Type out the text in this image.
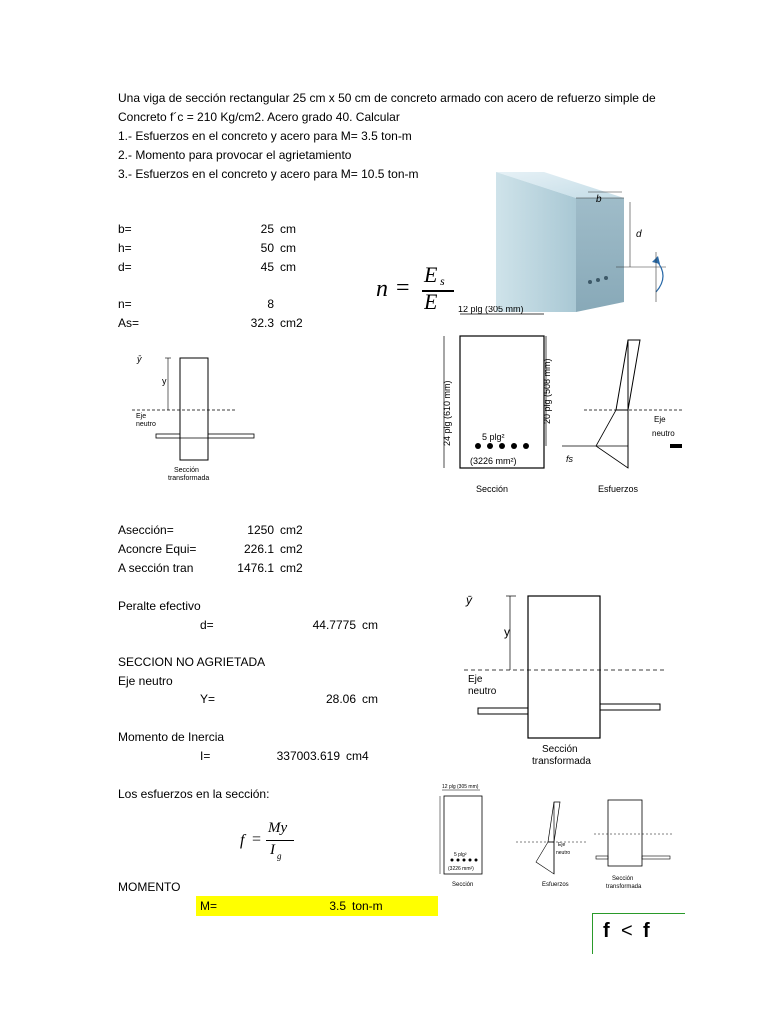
Una viga de sección rectangular 25 cm x 50 cm de concreto armado con acero de refuerzo simple de
Concreto f´c = 210 Kg/cm2. Acero grado 40. Calcular
1.- Esfuerzos en el concreto y acero para M= 3.5 ton-m
2.- Momento para provocar el agrietamiento
3.- Esfuerzos en el concreto y acero para M= 10.5 ton-m
b=	25 cm
h=	50 cm
d=	45 cm
n=	8
As=	32.3 cm2
n =
E s
E
b
d
ȳ
y
Eje
neutro
Sección
transformada
12 plg (305 mm)
24 plg (610 mm)	20 plg (508 mm)
5 plg²
(3226 mm²)
Sección
fs
Eje
neutro
Esfuerzos
Asección=	1250 cm2
Aconcre Equi=	226.1 cm2
A sección tran	1476.1 cm2
Peralte efectivo
d=	44.7775 cm
SECCION NO AGRIETADA
Eje neutro
Y=	28.06 cm
ȳ
y
Eje
neutro
Sección
transformada
Momento de Inercia
I=	337003.619 cm4
Los esfuerzos en la sección:
f =
My
I g
12 plg (305 mm)
5 plg²
(3226 mm²)
Sección	Esfuerzos
Eje
neutro
Sección
transformada
MOMENTO
M=	3.5 ton-m
f < f
